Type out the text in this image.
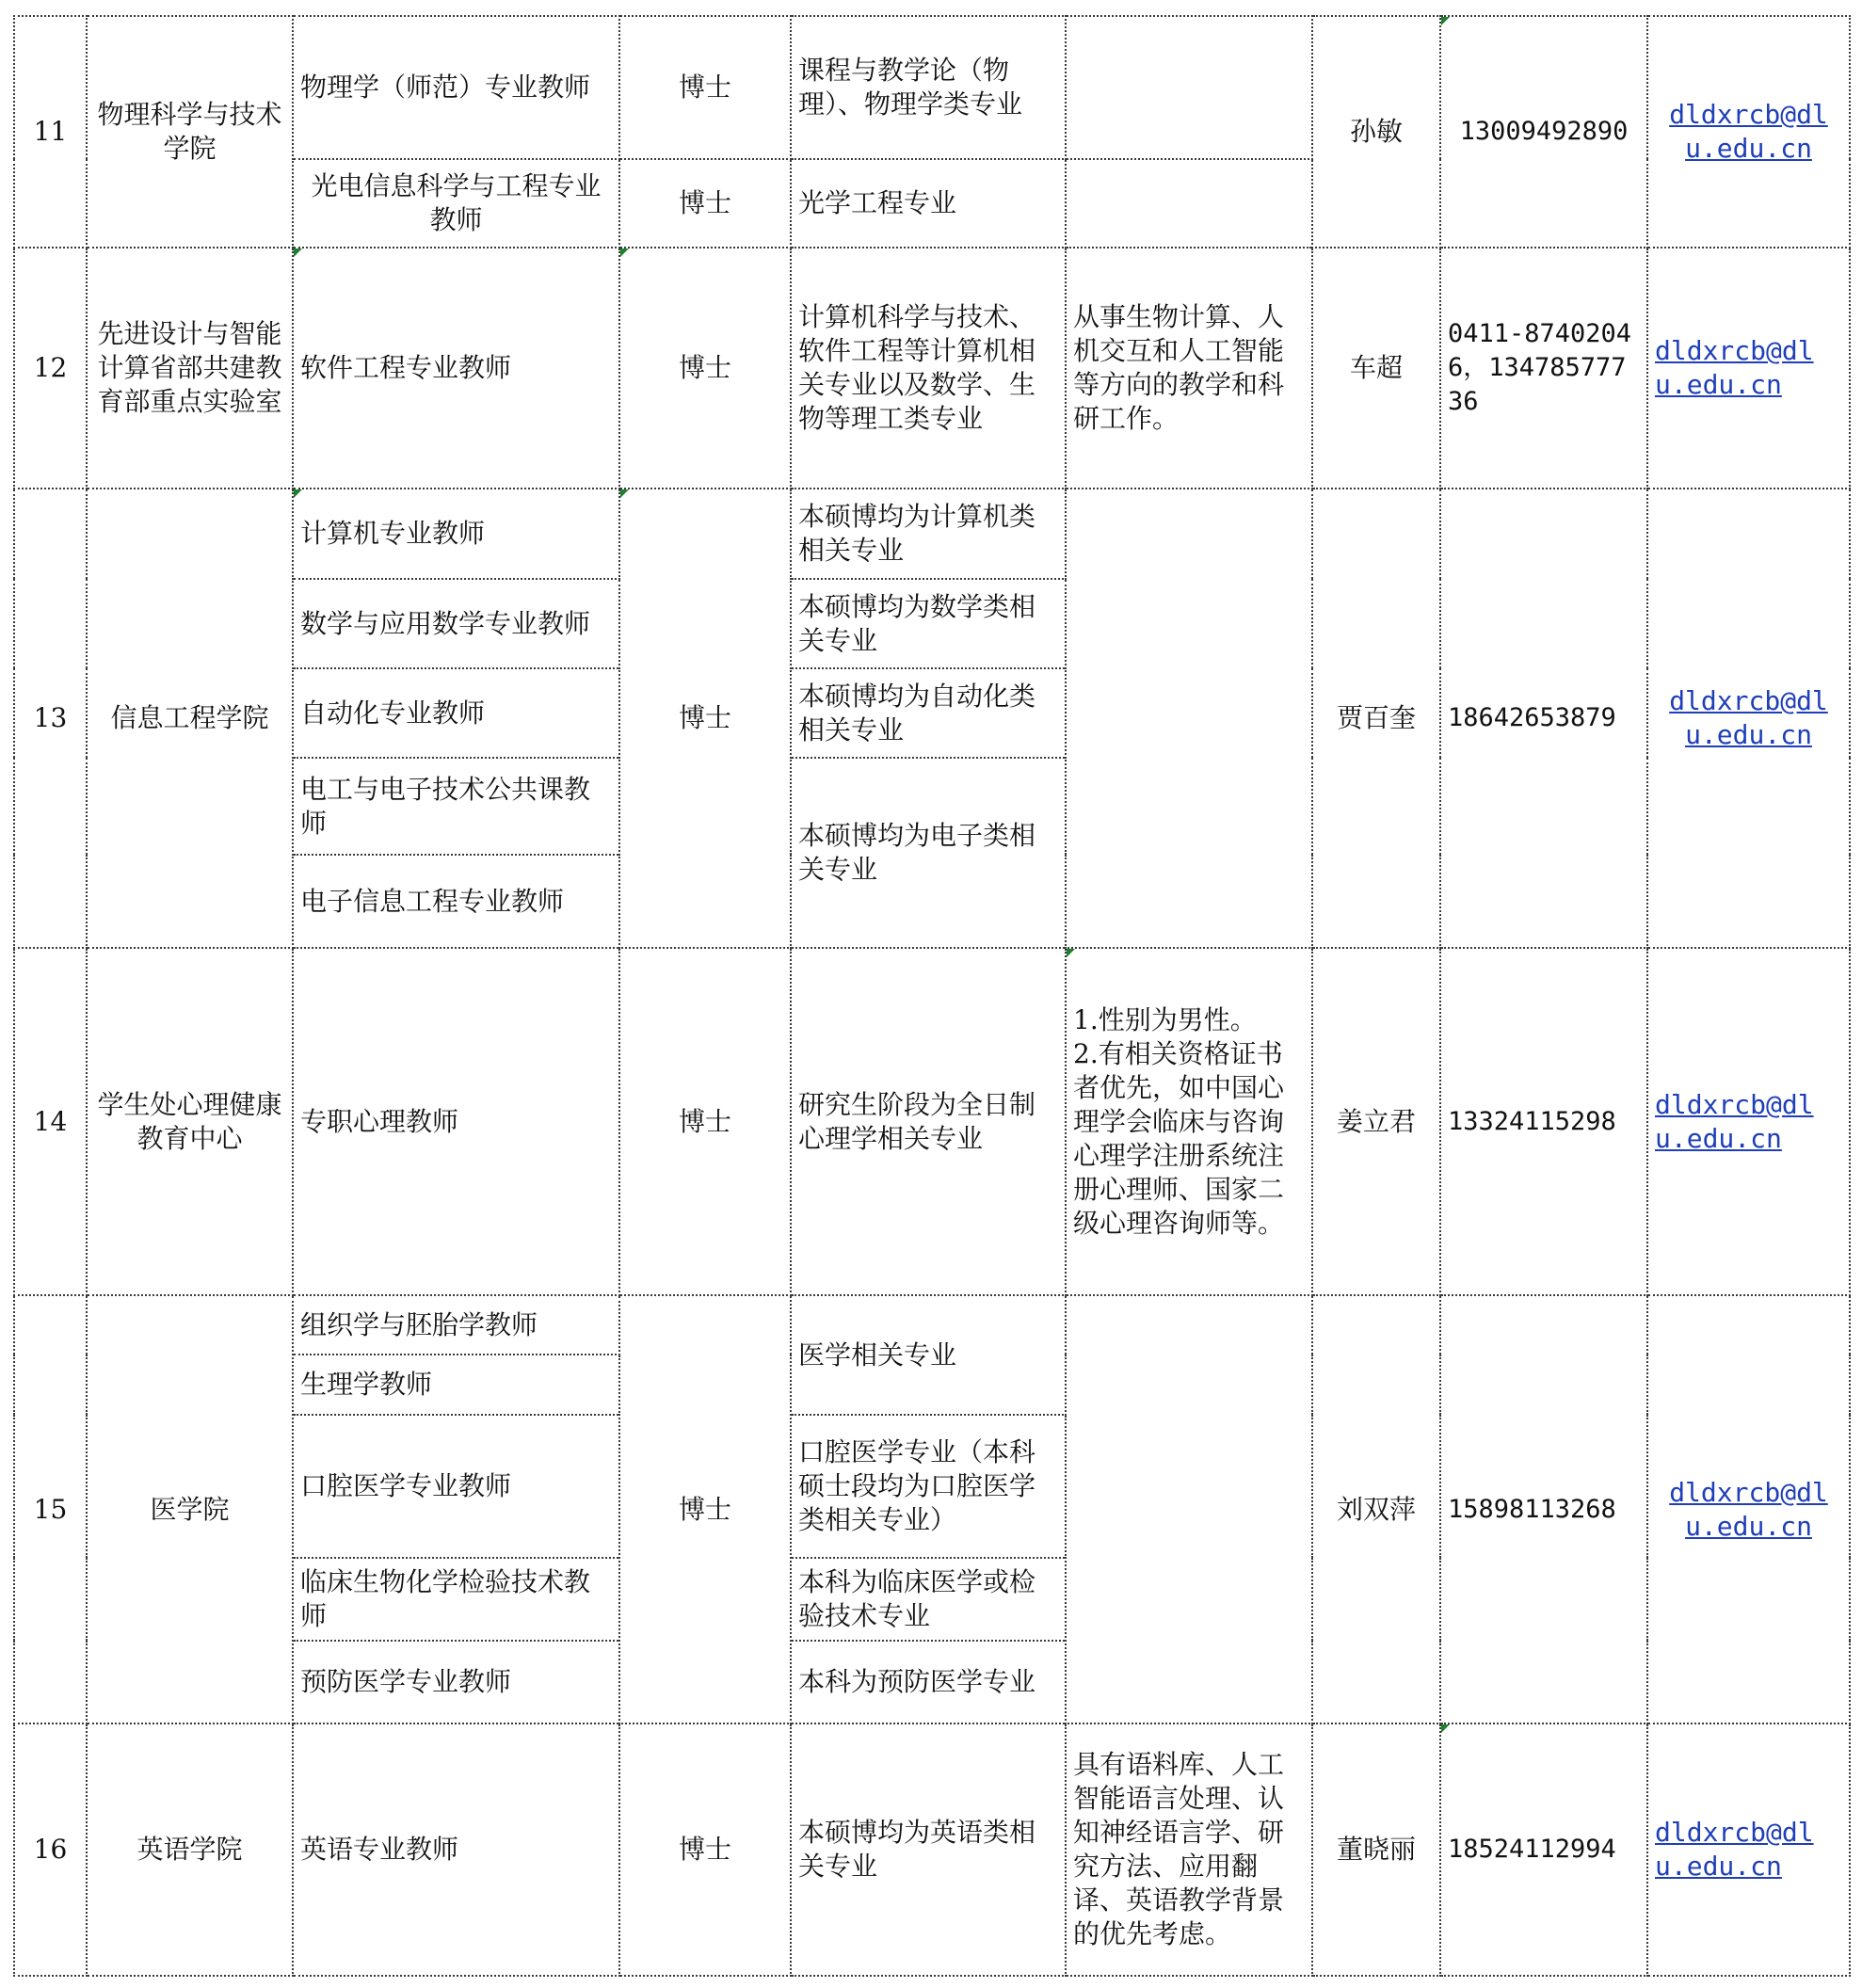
11	物理科学与技术学院	物理学（师范）专业教师	博士	课程与教学论（物理）、物理学类专业		孙敏	13009492890	dldxrcb@dlu.edu.cn
		光电信息科学与工程专业教师	博士	光学工程专业				
12	先进设计与智能计算省部共建教育部重点实验室	软件工程专业教师	博士	计算机科学与技术、软件工程等计算机相关专业以及数学、生物等理工类专业	从事生物计算、人机交互和人工智能等方向的教学和科研工作。	车超	0411-87402046，13478577736	dldxrcb@dlu.edu.cn
13	信息工程学院	计算机专业教师	博士	本硕博均为计算机类相关专业		贾百奎	18642653879	dldxrcb@dlu.edu.cn
		数学与应用数学专业教师		本硕博均为数学类相关专业				
		自动化专业教师		本硕博均为自动化类相关专业				
		电工与电子技术公共课教师		本硕博均为电子类相关专业				
		电子信息工程专业教师						
14	学生处心理健康教育中心	专职心理教师	博士	研究生阶段为全日制心理学相关专业	1.性别为男性。
2.有相关资格证书者优先，如中国心理学会临床与咨询心理学注册系统注册心理师、国家二级心理咨询师等。	姜立君	13324115298	dldxrcb@dlu.edu.cn
15	医学院	组织学与胚胎学教师	博士	医学相关专业		刘双萍	15898113268	dldxrcb@dlu.edu.cn
		生理学教师						
		口腔医学专业教师		口腔医学专业（本科硕士段均为口腔医学类相关专业）				
		临床生物化学检验技术教师		本科为临床医学或检验技术专业				
		预防医学专业教师		本科为预防医学专业				
16	英语学院	英语专业教师	博士	本硕博均为英语类相关专业	具有语料库、人工智能语言处理、认知神经语言学、研究方法、应用翻译、英语教学背景的优先考虑。	董晓丽	18524112994	dldxrcb@dlu.edu.cn
